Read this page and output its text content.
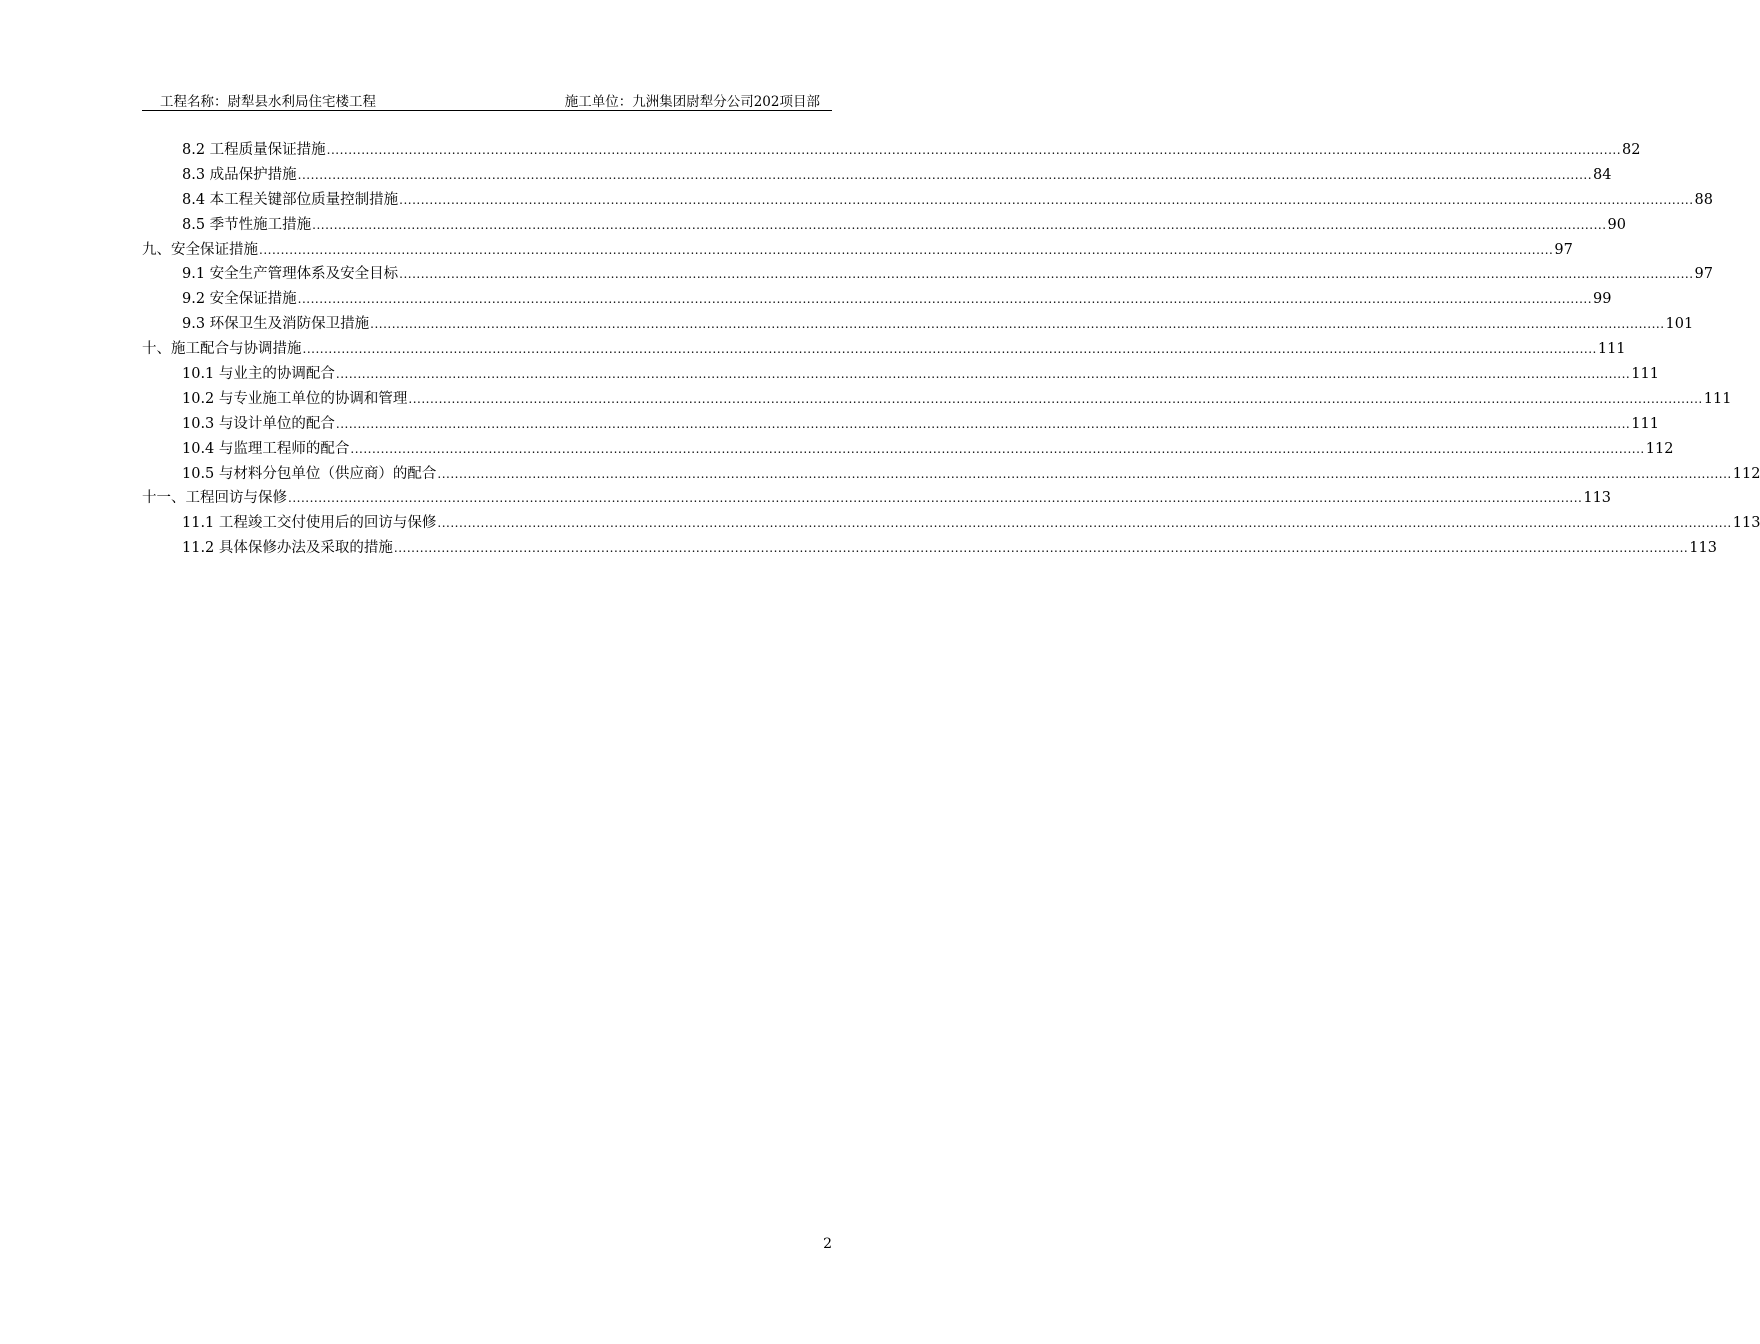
工程名称：尉犁县水利局住宅楼工程	施工单位：九洲集团尉犁分公司202项目部
8.2 工程质量保证措施 ............................................................................................................................................................................................................................................................................................................ 82
8.3 成品保护措施 ............................................................................................................................................................................................................................................................................................................ 84
8.4 本工程关键部位质量控制措施 ............................................................................................................................................................................................................................................................................................................ 88
8.5 季节性施工措施 ............................................................................................................................................................................................................................................................................................................ 90
九、安全保证措施 ............................................................................................................................................................................................................................................................................................................ 97
9.1 安全生产管理体系及安全目标 ............................................................................................................................................................................................................................................................................................................ 97
9.2 安全保证措施 ............................................................................................................................................................................................................................................................................................................ 99
9.3 环保卫生及消防保卫措施 ............................................................................................................................................................................................................................................................................................................ 101
十、施工配合与协调措施 ............................................................................................................................................................................................................................................................................................................ 111
10.1 与业主的协调配合 ............................................................................................................................................................................................................................................................................................................ 111
10.2 与专业施工单位的协调和管理 ............................................................................................................................................................................................................................................................................................................ 111
10.3 与设计单位的配合 ............................................................................................................................................................................................................................................................................................................ 111
10.4 与监理工程师的配合 ............................................................................................................................................................................................................................................................................................................ 112
10.5 与材料分包单位（供应商）的配合 ............................................................................................................................................................................................................................................................................................................ 112
十一、工程回访与保修 ............................................................................................................................................................................................................................................................................................................ 113
11.1 工程竣工交付使用后的回访与保修 ............................................................................................................................................................................................................................................................................................................ 113
11.2 具体保修办法及采取的措施 ............................................................................................................................................................................................................................................................................................................ 113
2
